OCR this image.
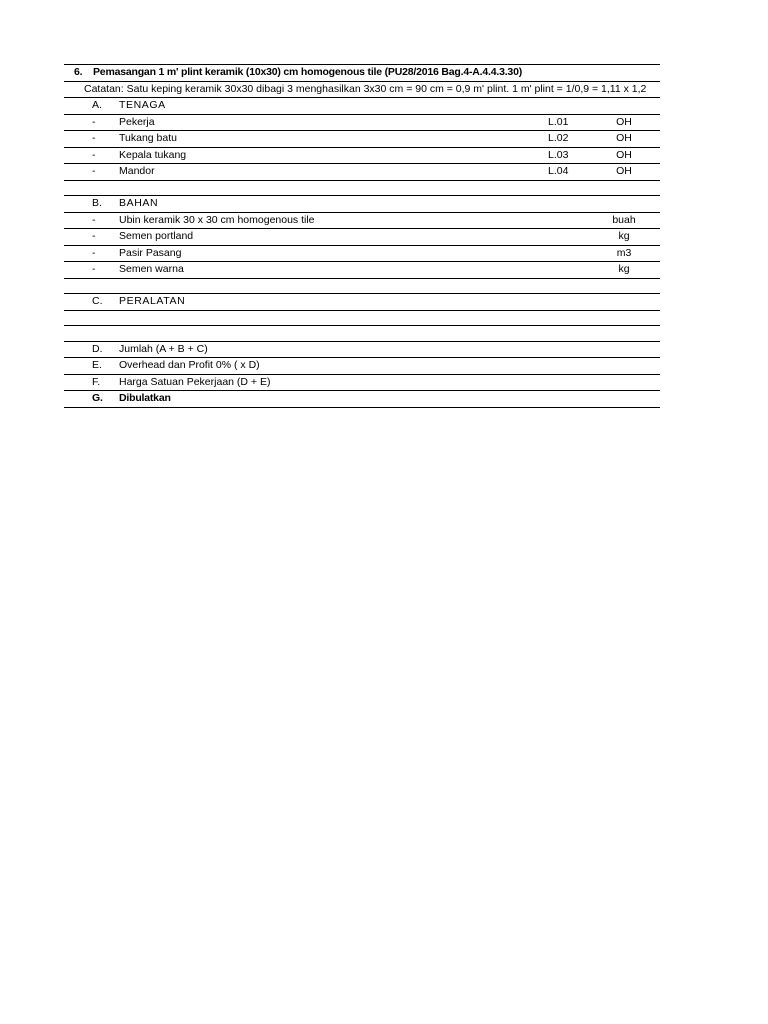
6. Pemasangan 1 m' plint keramik (10x30) cm homogenous tile (PU28/2016 Bag.4-A.4.4.3.30)
Catatan: Satu keping keramik 30x30 dibagi 3 menghasilkan 3x30 cm = 90 cm = 0,9 m' plint. 1 m' plint = 1/0,9 = 1,11 x 1,2
A. TENAGA
- Pekerja	L.01	OH
- Tukang batu	L.02	OH
- Kepala tukang	L.03	OH
- Mandor	L.04	OH
B. BAHAN
- Ubin keramik 30 x 30 cm homogenous tile	buah
- Semen portland	kg
- Pasir Pasang	m3
- Semen warna	kg
C. PERALATAN
D. Jumlah (A + B + C)
E. Overhead dan Profit 0% ( x D)
F. Harga Satuan Pekerjaan (D + E)
G. Dibulatkan
